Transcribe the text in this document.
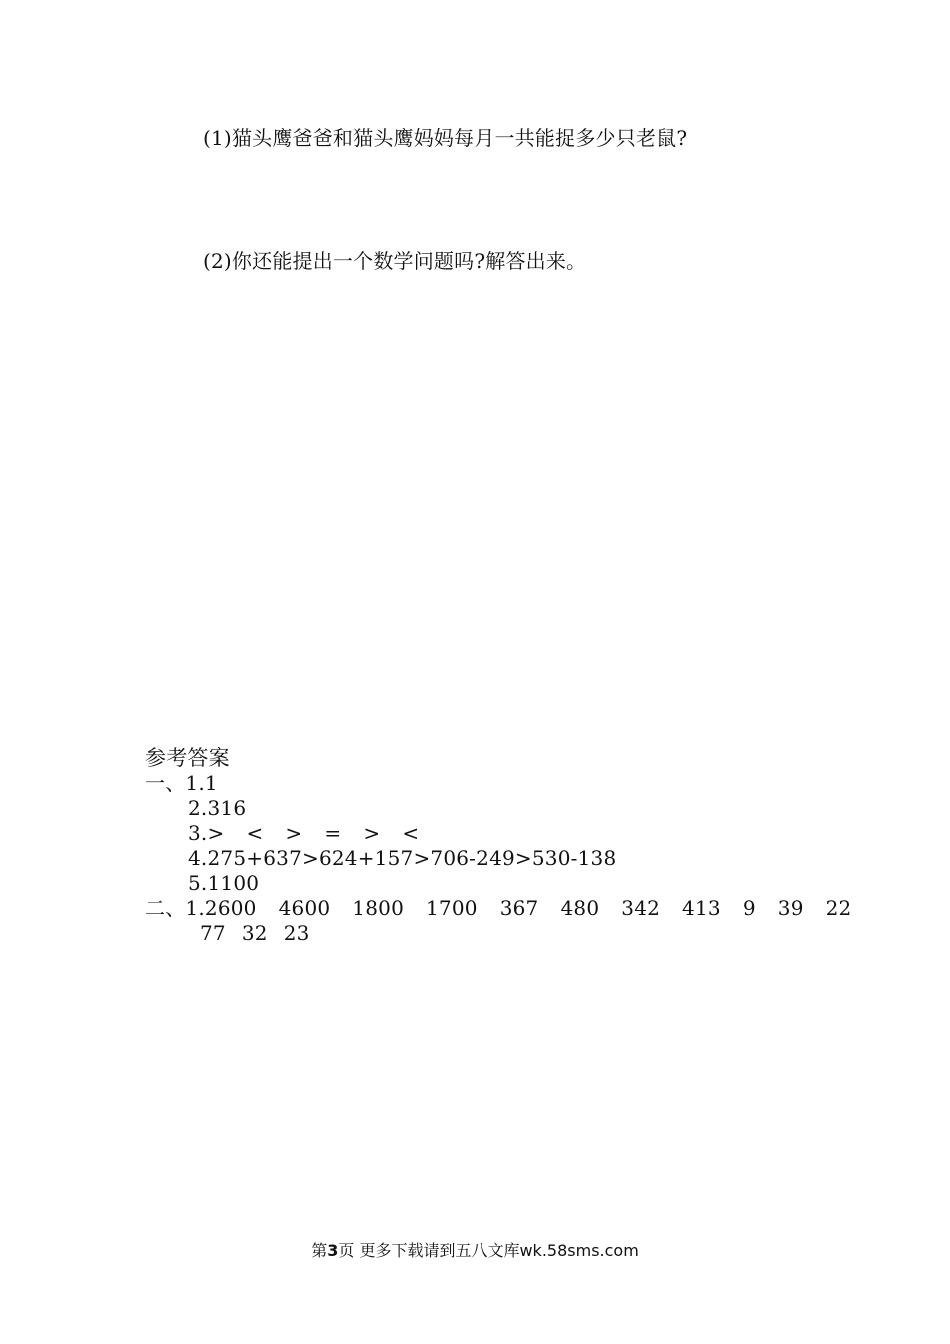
(1)猫头鹰爸爸和猫头鹰妈妈每月一共能捉多少只老鼠?
(2)你还能提出一个数学问题吗?解答出来。
参考答案
一、1.1
2.316
3.> < > = > <
4.275+637>624+157>706-249>530-138
5.1100
二、1.2600 4600 1800 1700 367 480 342 413 9 39 22
77 32 23
第3页 更多下载请到五八文库wk.58sms.com
